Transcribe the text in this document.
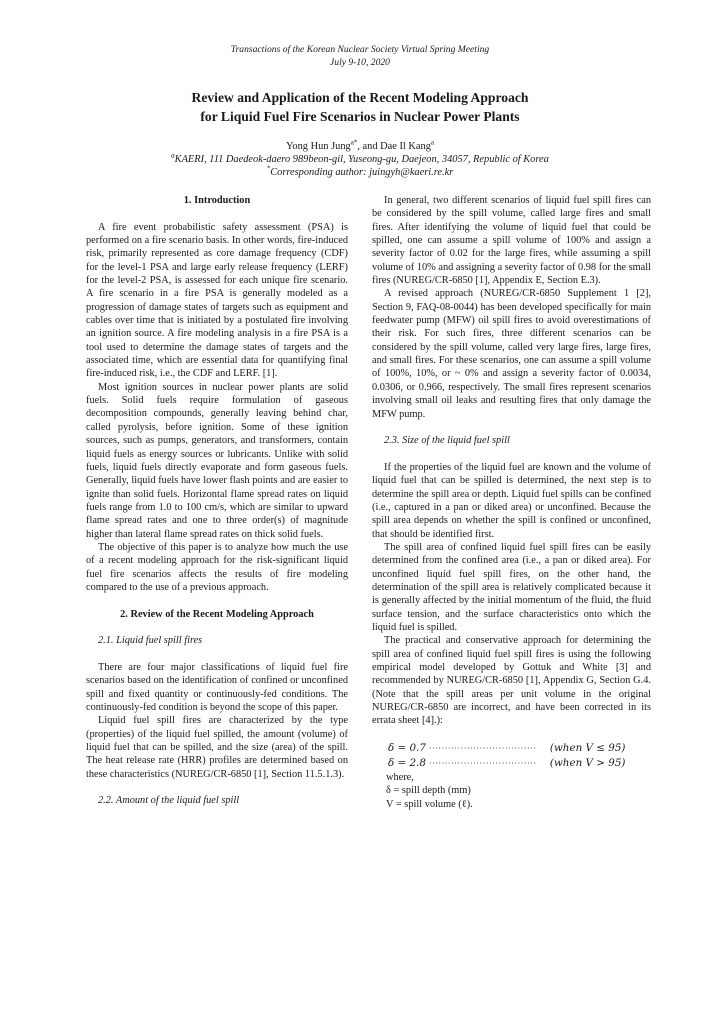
Transactions of the Korean Nuclear Society Virtual Spring Meeting
July 9-10, 2020
Review and Application of the Recent Modeling Approach
for Liquid Fuel Fire Scenarios in Nuclear Power Plants
Yong Hun Jung$^{a*}$, and Dae Il Kang$^a$
$^a$KAERI, 111 Daedeok-daero 989beon-gil, Yuseong-gu, Daejeon, 34057, Republic of Korea
*Corresponding author: juingyh@kaeri.re.kr
1. Introduction

A fire event probabilistic safety assessment (PSA) is performed on a fire scenario basis. In other words, fire-induced risk, primarily represented as core damage frequency (CDF) for the level-1 PSA and large early release frequency (LERF) for the level-2 PSA, is assessed for each unique fire scenario. A fire scenario in a fire PSA is generally modeled as a progression of damage states of targets such as equipment and cables over time that is initiated by a postulated fire involving an ignition source. A fire modeling analysis in a fire PSA is a tool used to determine the damage states of targets and the associated time, which are essential data for quantifying final fire-induced risk, i.e., the CDF and LERF. [1].

Most ignition sources in nuclear power plants are solid fuels. Solid fuels require formulation of gaseous decomposition compounds, generally leaving behind char, called pyrolysis, before ignition. Some of these ignition sources, such as pumps, generators, and transformers, contain liquid fuels as energy sources or lubricants. Unlike with solid fuels, liquid fuels directly evaporate and form gaseous fuels. Generally, liquid fuels have lower flash points and are easier to ignite than solid fuels. Horizontal flame spread rates on liquid fuels range from 1.0 to 100 cm/s, which are similar to upward flame spread rates and one to three order(s) of magnitude higher than lateral flame spread rates on thick solid fuels.

The objective of this paper is to analyze how much the use of a recent modeling approach for the risk-significant liquid fuel fire scenarios affects the results of fire modeling compared to the use of a previous approach.

2. Review of the Recent Modeling Approach
2.1. Liquid fuel spill fires

There are four major classifications of liquid fuel fire scenarios based on the identification of confined or unconfined spill and fixed quantity or continuously-fed conditions. The continuously-fed condition is beyond the scope of this paper.

Liquid fuel spill fires are characterized by the type (properties) of the liquid fuel spilled, the amount (volume) of liquid fuel that can be spilled, and the size (area) of the spill. The heat release rate (HRR) profiles are determined based on these characteristics (NUREG/CR-6850 [1], Section 11.5.1.3).

2.2. Amount of the liquid fuel spill

In general, two different scenarios of liquid fuel spill fires can be considered by the spill volume, called large fires and small fires. After identifying the volume of liquid fuel that could be spilled, one can assume a spill volume of 100% and assign a severity factor of 0.02 for the large fires, while assuming a spill volume of 10% and assigning a severity factor of 0.98 for the small fires (NUREG/CR-6850 [1], Appendix E, Section E.3).

A revised approach (NUREG/CR-6850 Supplement 1 [2], Section 9, FAQ-08-0044) has been developed specifically for main feedwater pump (MFW) oil spill fires to avoid overestimations of their risk. For such fires, three different scenarios can be considered by the spill volume, called very large fires, large fires, and small fires. For these scenarios, one can assume a spill volume of 100%, 10%, or ~ 0% and assign a severity factor of 0.0034, 0.0306, or 0.966, respectively. The small fires represent scenarios involving small oil leaks and resulting fires that only damage the MFW pump.

2.3. Size of the liquid fuel spill

If the properties of the liquid fuel are known and the volume of liquid fuel that can be spilled is determined, the next step is to determine the spill area or depth. Liquid fuel spills can be confined (i.e., captured in a pan or diked area) or unconfined. Because the spill area depends on whether the spill is confined or unconfined, that should be identified first.

The spill area of confined liquid fuel spill fires can be easily determined from the confined area (i.e., a pan or diked area). For unconfined liquid fuel spill fires, on the other hand, the determination of the spill area is relatively complicated because it is generally affected by the initial momentum of the fluid, the fluid surface tension, and the surface characteristics onto which the liquid fuel is spilled.

The practical and conservative approach for determining the spill area of confined liquid fuel spill fires is using the following empirical model developed by Gottuk and White [3] and recommended by NUREG/CR-6850 [1], Appendix G, Section G.4. (Note that the spill areas per unit volume in the original NUREG/CR-6850 are incorrect, and have been corrected in its errata sheet [4].):

δ = 0.7 ··································	(when V ≤ 95)
δ = 2.8 ··································	(when V > 95)
where,
δ = spill depth (mm)
V = spill volume (ℓ).
